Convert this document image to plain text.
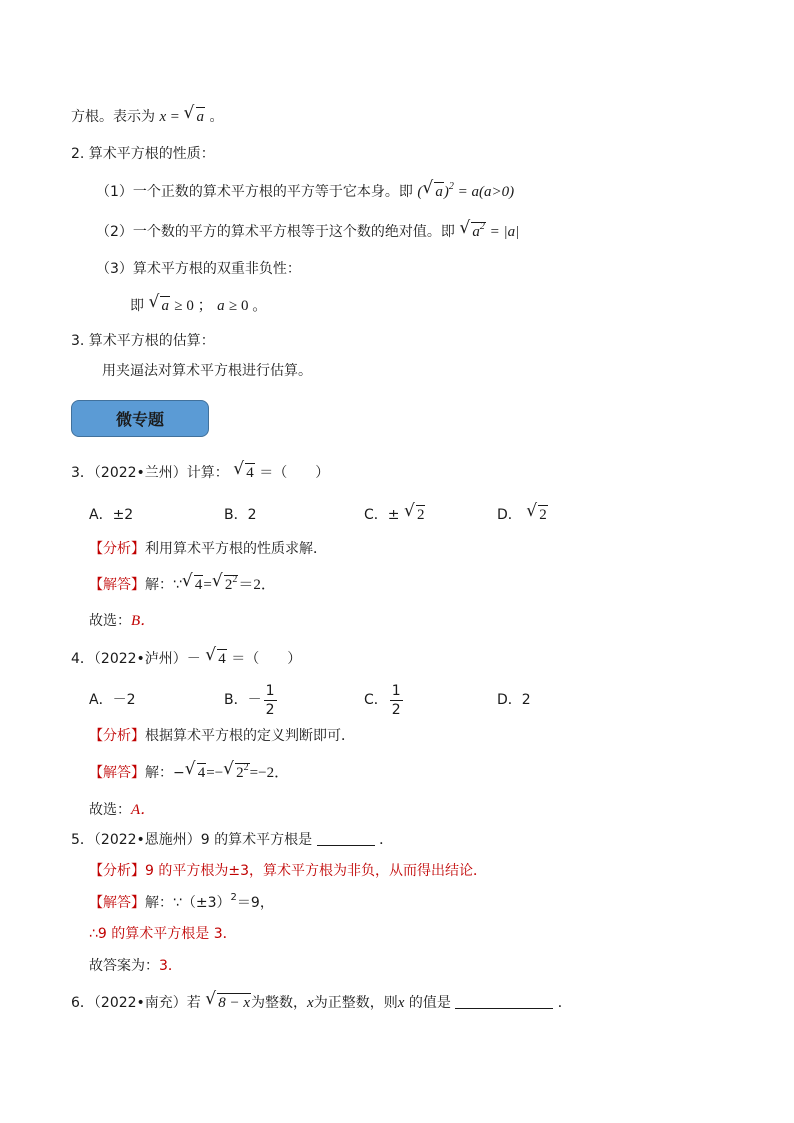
方根。表示为 x = √ a 。
2. 算术平方根的性质：
（1）一个正数的算术平方根的平方等于它本身。即 ( √ a)$^2$ = a(a>0)
（2）一个数的平方的算术平方根等于这个数的绝对值。即 √ $a^2 = |a|$
（3）算术平方根的双重非负性：
即 √ a ≥ 0 ； a ≥ 0 。
3. 算术平方根的估算：
用夹逼法对算术平方根进行估算。
微专题
3．（2022•兰州）计算： √ 4 ＝（　　）
A．±2	B．2	C．± √ 2	D． √ 2
【分析】利用算术平方根的性质求解．
【解答】解：∵ √ 4= √ $2^2=2$．
故选：B．
4．（2022•泸州）－ √ 4 ＝（　　）
A．－2	B．－ $\frac{1}{2}$	C． $\frac{1}{2}$	D．2
【分析】根据算术平方根的定义判断即可．
【解答】解：− √ 4=− √ $2^2=-2$．
故选：A．
5．（2022•恩施州）9 的算术平方根是	．
【分析】9 的平方根为±3，算术平方根为非负，从而得出结论．
【解答】解：$\because(\pm 3)^2=9$，
∴9 的算术平方根是 3．
故答案为：3．
6．（2022•南充）若 √ 8 − x为整数，x为正整数，则x 的值是	．
